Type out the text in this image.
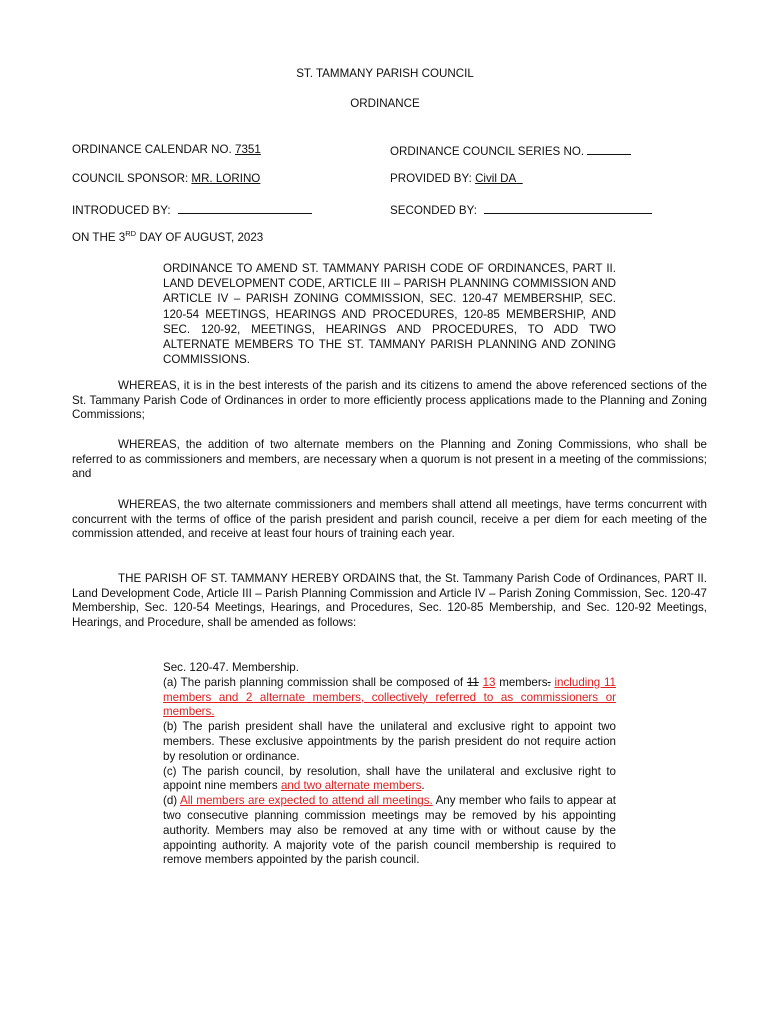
ST. TAMMANY PARISH COUNCIL
ORDINANCE
ORDINANCE CALENDAR NO. 7351	ORDINANCE COUNCIL SERIES NO.
COUNCIL SPONSOR: MR. LORINO	PROVIDED BY: Civil DA
INTRODUCED BY:	SECONDED BY:
ON THE 3RD DAY OF AUGUST, 2023
ORDINANCE TO AMEND ST. TAMMANY PARISH CODE OF ORDINANCES, PART II. LAND DEVELOPMENT CODE, ARTICLE III – PARISH PLANNING COMMISSION AND ARTICLE IV – PARISH ZONING COMMISSION, SEC. 120-47 MEMBERSHIP, SEC. 120-54 MEETINGS, HEARINGS AND PROCEDURES, 120-85 MEMBERSHIP, AND SEC. 120-92, MEETINGS, HEARINGS AND PROCEDURES, TO ADD TWO ALTERNATE MEMBERS TO THE ST. TAMMANY PARISH PLANNING AND ZONING COMMISSIONS.
WHEREAS, it is in the best interests of the parish and its citizens to amend the above referenced sections of the St. Tammany Parish Code of Ordinances in order to more efficiently process applications made to the Planning and Zoning Commissions;
WHEREAS, the addition of two alternate members on the Planning and Zoning Commissions, who shall be referred to as commissioners and members, are necessary when a quorum is not present in a meeting of the commissions; and
WHEREAS, the two alternate commissioners and members shall attend all meetings, have terms concurrent with concurrent with the terms of office of the parish president and parish council, receive a per diem for each meeting of the commission attended, and receive at least four hours of training each year.
THE PARISH OF ST. TAMMANY HEREBY ORDAINS that, the St. Tammany Parish Code of Ordinances, PART II. Land Development Code, Article III – Parish Planning Commission and Article IV – Parish Zoning Commission, Sec. 120-47 Membership, Sec. 120-54 Meetings, Hearings, and Procedures, Sec. 120-85 Membership, and Sec. 120-92 Meetings, Hearings, and Procedure, shall be amended as follows:

Sec. 120-47. Membership.

(a) The parish planning commission shall be composed of 11 13 members. including 11 members and 2 alternate members, collectively referred to as commissioners or members.

(b) The parish president shall have the unilateral and exclusive right to appoint two members. These exclusive appointments by the parish president do not require action by resolution or ordinance.

(c) The parish council, by resolution, shall have the unilateral and exclusive right to appoint nine members and two alternate members.

(d) All members are expected to attend all meetings. Any member who fails to appear at two consecutive planning commission meetings may be removed by his appointing authority. Members may also be removed at any time with or without cause by the appointing authority. A majority vote of the parish council membership is required to remove members appointed by the parish council.
